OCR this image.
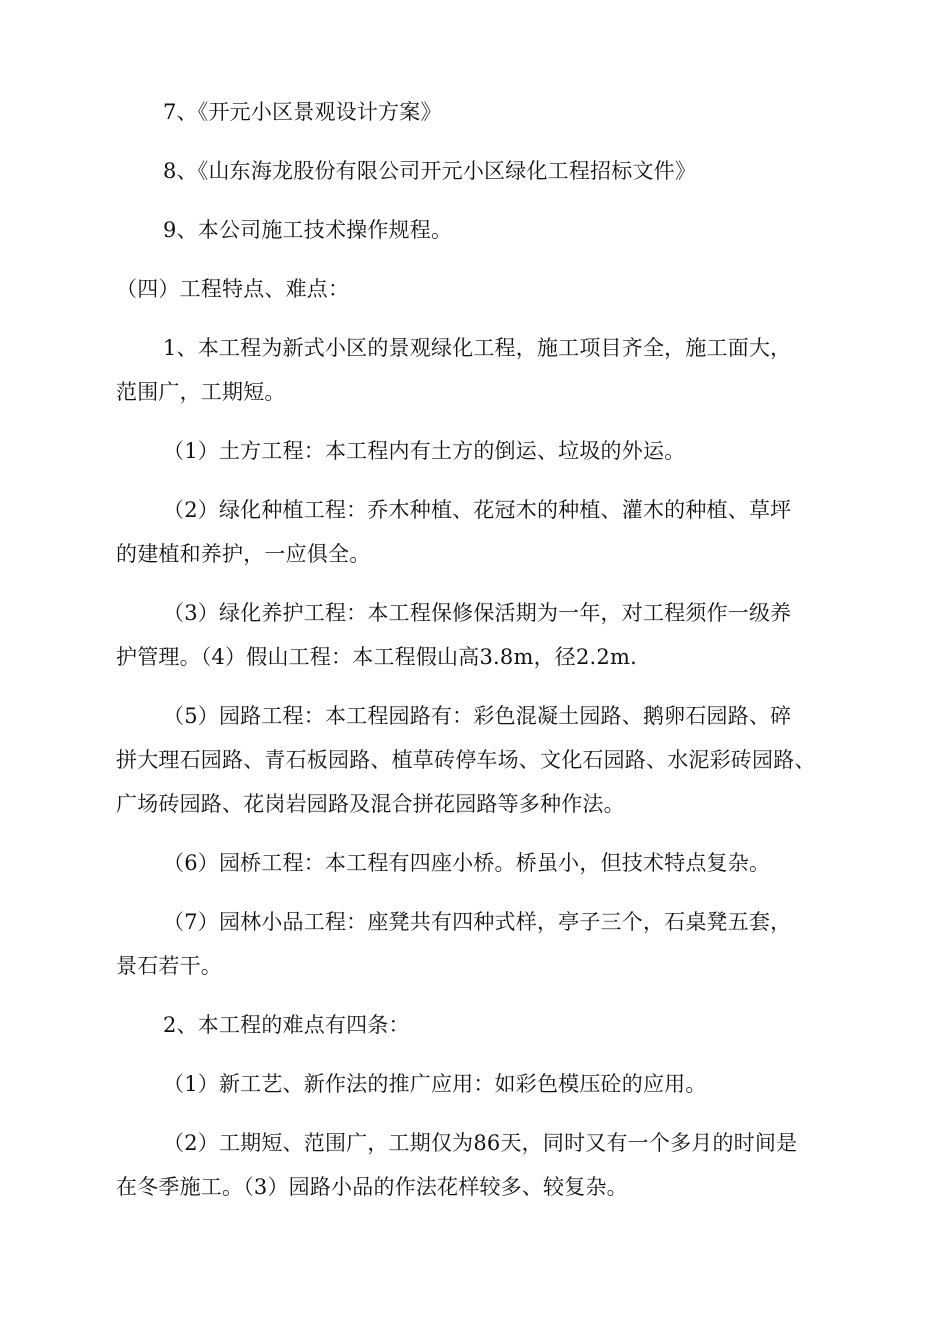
7、《开元小区景观设计方案》
8、《山东海龙股份有限公司开元小区绿化工程招标文件》
9、本公司施工技术操作规程。
（四）工程特点、难点：
1、本工程为新式小区的景观绿化工程，施工项目齐全，施工面大，
范围广，工期短。
（1）土方工程：本工程内有土方的倒运、垃圾的外运。
（2）绿化种植工程：乔木种植、花冠木的种植、灌木的种植、草坪
的建植和养护，一应俱全。
（3）绿化养护工程：本工程保修保活期为一年，对工程须作一级养
护管理。（4）假山工程：本工程假山高3.8m，径2.2m.
（5）园路工程：本工程园路有：彩色混凝土园路、鹅卵石园路、碎
拼大理石园路、青石板园路、植草砖停车场、文化石园路、水泥彩砖园路、
广场砖园路、花岗岩园路及混合拼花园路等多种作法。
（6）园桥工程：本工程有四座小桥。桥虽小，但技术特点复杂。
（7）园林小品工程：座凳共有四种式样，亭子三个，石桌凳五套，
景石若干。
2、本工程的难点有四条：
（1）新工艺、新作法的推广应用：如彩色模压砼的应用。
（2）工期短、范围广，工期仅为86天，同时又有一个多月的时间是
在冬季施工。（3）园路小品的作法花样较多、较复杂。
